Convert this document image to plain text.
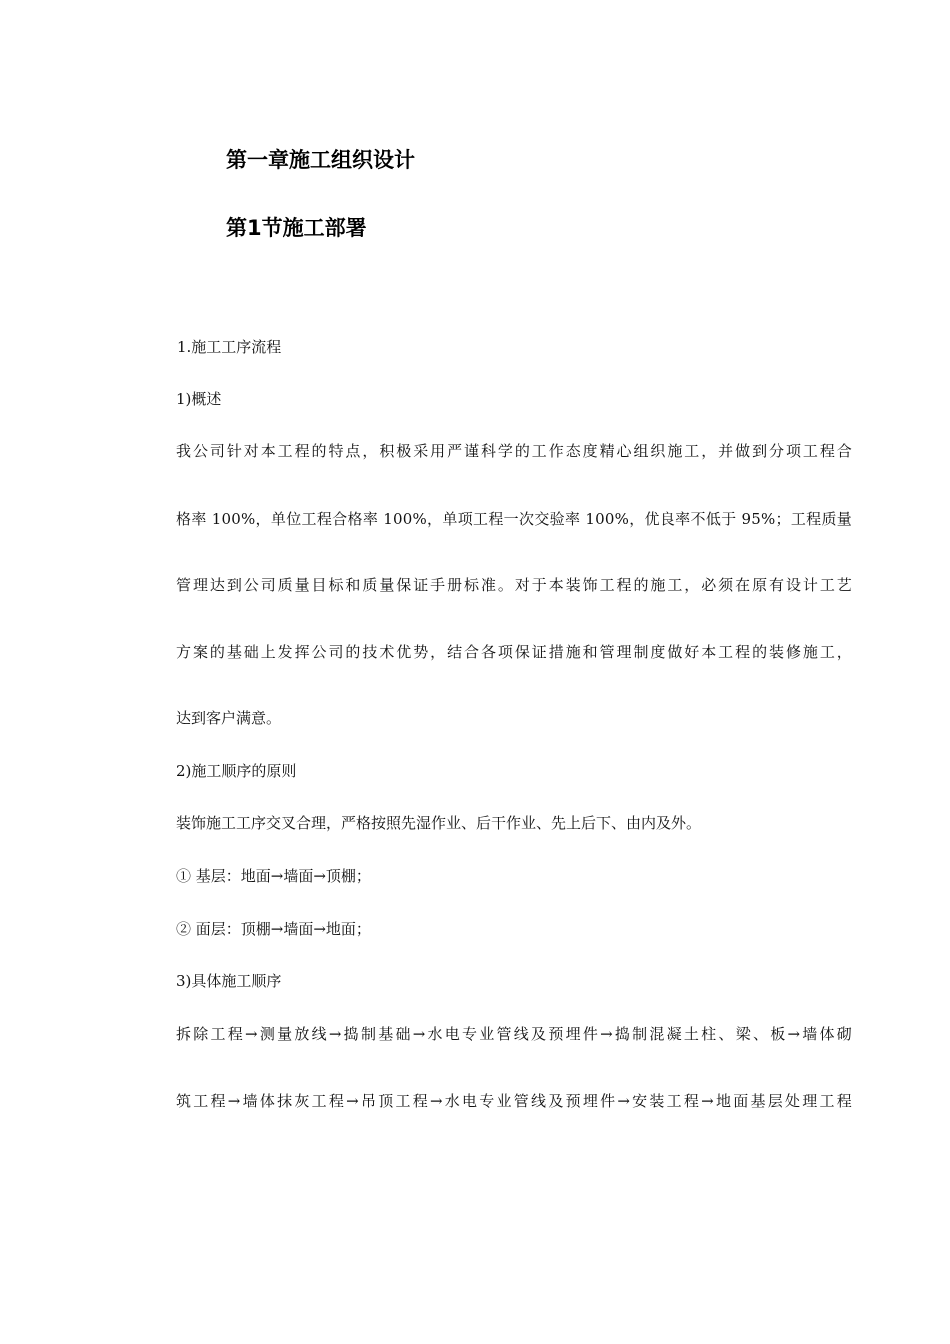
第一章施工组织设计
第1节施工部署
1.施工工序流程
1)概述
我公司针对本工程的特点，积极采用严谨科学的工作态度精心组织施工，并做到分项工程合
格率 100%，单位工程合格率 100%，单项工程一次交验率 100%，优良率不低于 95%；工程质量
管理达到公司质量目标和质量保证手册标准。对于本装饰工程的施工，必须在原有设计工艺
方案的基础上发挥公司的技术优势，结合各项保证措施和管理制度做好本工程的装修施工，
达到客户满意。
2)施工顺序的原则
装饰施工工序交叉合理，严格按照先湿作业、后干作业、先上后下、由内及外。
① 基层：地面→墙面→顶棚；
② 面层：顶棚→墙面→地面；
3)具体施工顺序
拆除工程→测量放线→捣制基础→水电专业管线及预埋件→捣制混凝土柱、梁、板→墙体砌
筑工程→墙体抹灰工程→吊顶工程→水电专业管线及预埋件→安装工程→地面基层处理工程
